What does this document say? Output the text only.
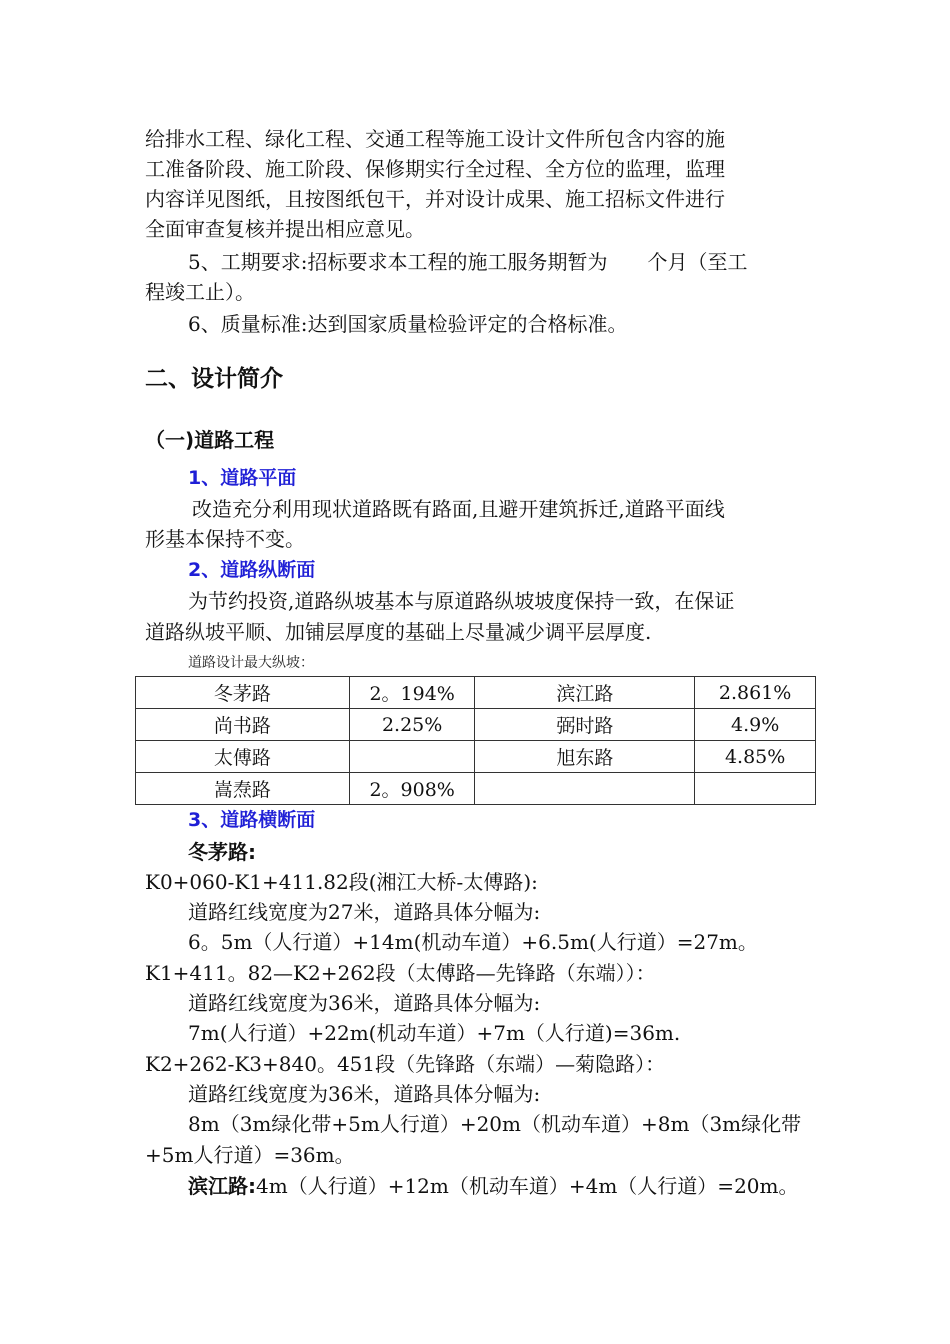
给排水工程、绿化工程、交通工程等施工设计文件所包含内容的施
工准备阶段、施工阶段、保修期实行全过程、全方位的监理，监理
内容详见图纸，且按图纸包干，并对设计成果、施工招标文件进行
全面审查复核并提出相应意见。
5、工期要求:招标要求本工程的施工服务期暂为　　个月（至工
程竣工止）。
6、质量标准:达到国家质量检验评定的合格标准。
二、设计简介
（一)道路工程
1、道路平面
改造充分利用现状道路既有路面,且避开建筑拆迁,道路平面线
形基本保持不变。
2、道路纵断面
为节约投资,道路纵坡基本与原道路纵坡坡度保持一致，在保证
道路纵坡平顺、加铺层厚度的基础上尽量减少调平层厚度.
道路设计最大纵坡：
冬茅路	2。194%	滨江路	2.861%
尚书路	2.25%	弼时路	4.9%
太傅路		旭东路	4.85%
嵩焘路	2。908%		
3、道路横断面
冬茅路:
K0+060-K1+411.82段(湘江大桥-太傅路):
道路红线宽度为27米，道路具体分幅为:
6。5m（人行道）+14m(机动车道）+6.5m(人行道）=27m。
K1+411。82—K2+262段（太傅路—先锋路（东端））：
道路红线宽度为36米，道路具体分幅为:
7m(人行道）+22m(机动车道）+7m（人行道)=36m.
K2+262-K3+840。451段（先锋路（东端）—菊隐路）：
道路红线宽度为36米，道路具体分幅为:
8m（3m绿化带+5m人行道）+20m（机动车道）+8m（3m绿化带
+5m人行道）=36m。
滨江路:4m（人行道）+12m（机动车道）+4m（人行道）=20m。
